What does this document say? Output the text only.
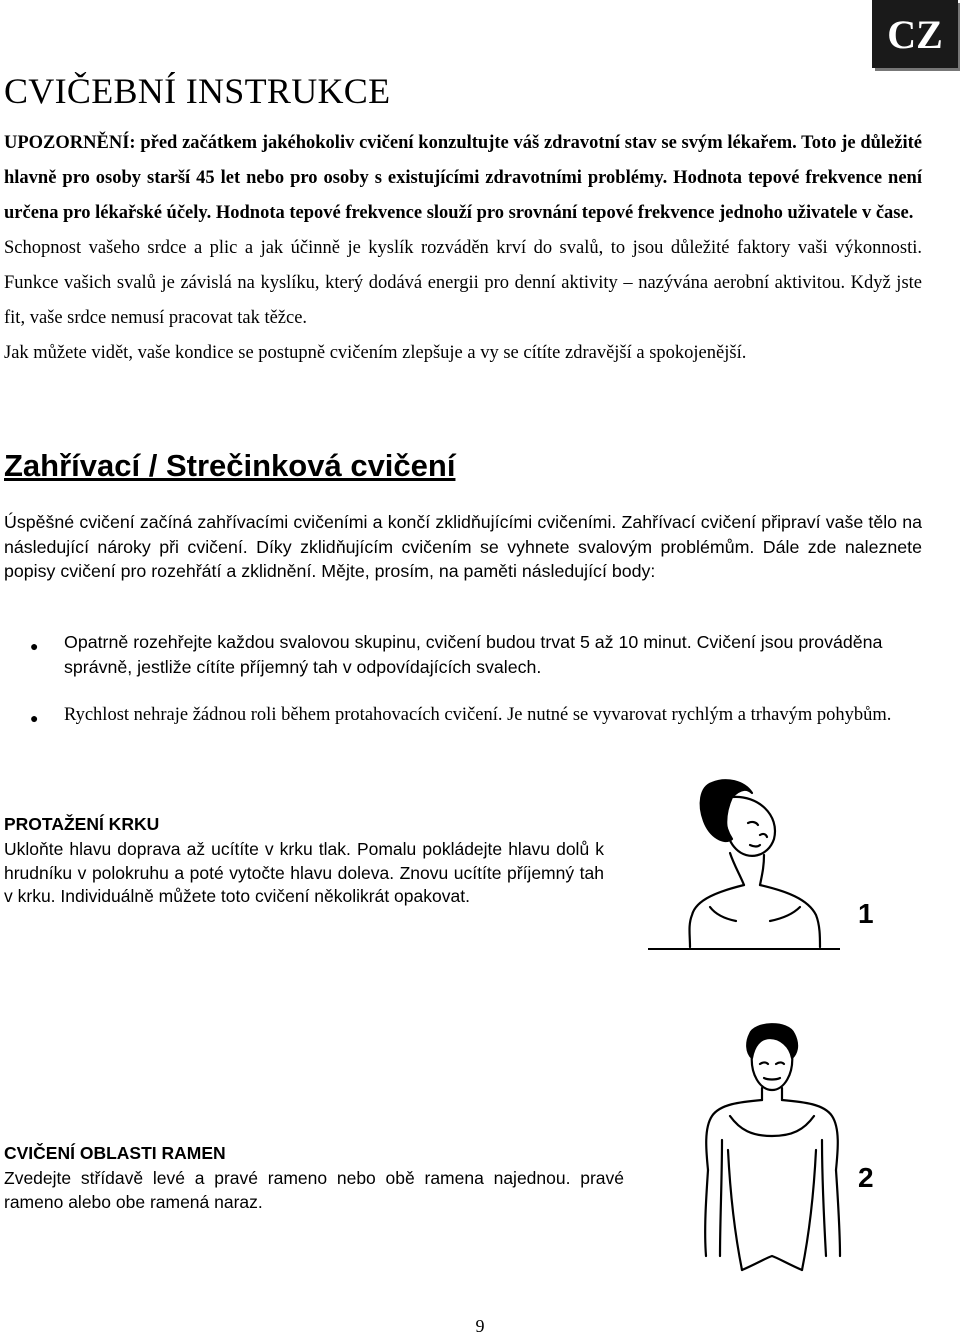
CZ
CVIČEBNÍ INSTRUKCE

UPOZORNĚNÍ: před začátkem jakéhokoliv cvičení konzultujte váš zdravotní stav se svým lékařem. Toto je důležité hlavně pro osoby starší 45 let nebo pro osoby s existujícími zdravotními problémy. Hodnota tepové frekvence není určena pro lékařské účely. Hodnota tepové frekvence slouží pro srovnání tepové frekvence jednoho uživatele v čase.

Schopnost vašeho srdce a plic a jak účinně je kyslík rozváděn krví do svalů, to jsou důležité faktory vaši výkonnosti. Funkce vašich svalů je závislá na kyslíku, který dodává energii pro denní aktivity – nazývána aerobní aktivitou. Když jste fit, vaše srdce nemusí pracovat tak těžce.

Jak můžete vidět, vaše kondice se postupně cvičením zlepšuje a vy se cítíte zdravější a spokojenější.

Zahřívací / Strečinková cvičení

Úspěšné cvičení začíná zahřívacími cvičeními a končí zklidňujícími cvičeními. Zahřívací cvičení připraví vaše tělo na následující nároky při cvičení. Díky zklidňujícím cvičením se vyhnete svalovým problémům. Dále zde naleznete popisy cvičení pro rozehřátí a zklidnění. Mějte, prosím, na paměti následující body:

●	Opatrně rozehřejte každou svalovou skupinu, cvičení budou trvat 5 až 10 minut. Cvičení jsou prováděna správně, jestliže cítíte příjemný tah v odpovídajících svalech.
●	Rychlost nehraje žádnou roli během protahovacích cvičení. Je nutné se vyvarovat rychlým a trhavým pohybům.
PROTAŽENÍ KRKU

Ukloňte hlavu doprava až ucítíte v krku tlak. Pomalu pokládejte hlavu dolů k hrudníku v polokruhu a poté vytočte hlavu doleva. Znovu ucítíte příjemný tah v krku. Individuálně můžete toto cvičení několikrát opakovat.

1
CVIČENÍ OBLASTI RAMEN

Zvedejte střídavě levé a pravé rameno nebo obě ramena najednou. pravé rameno alebo obe ramená naraz.

2
9
